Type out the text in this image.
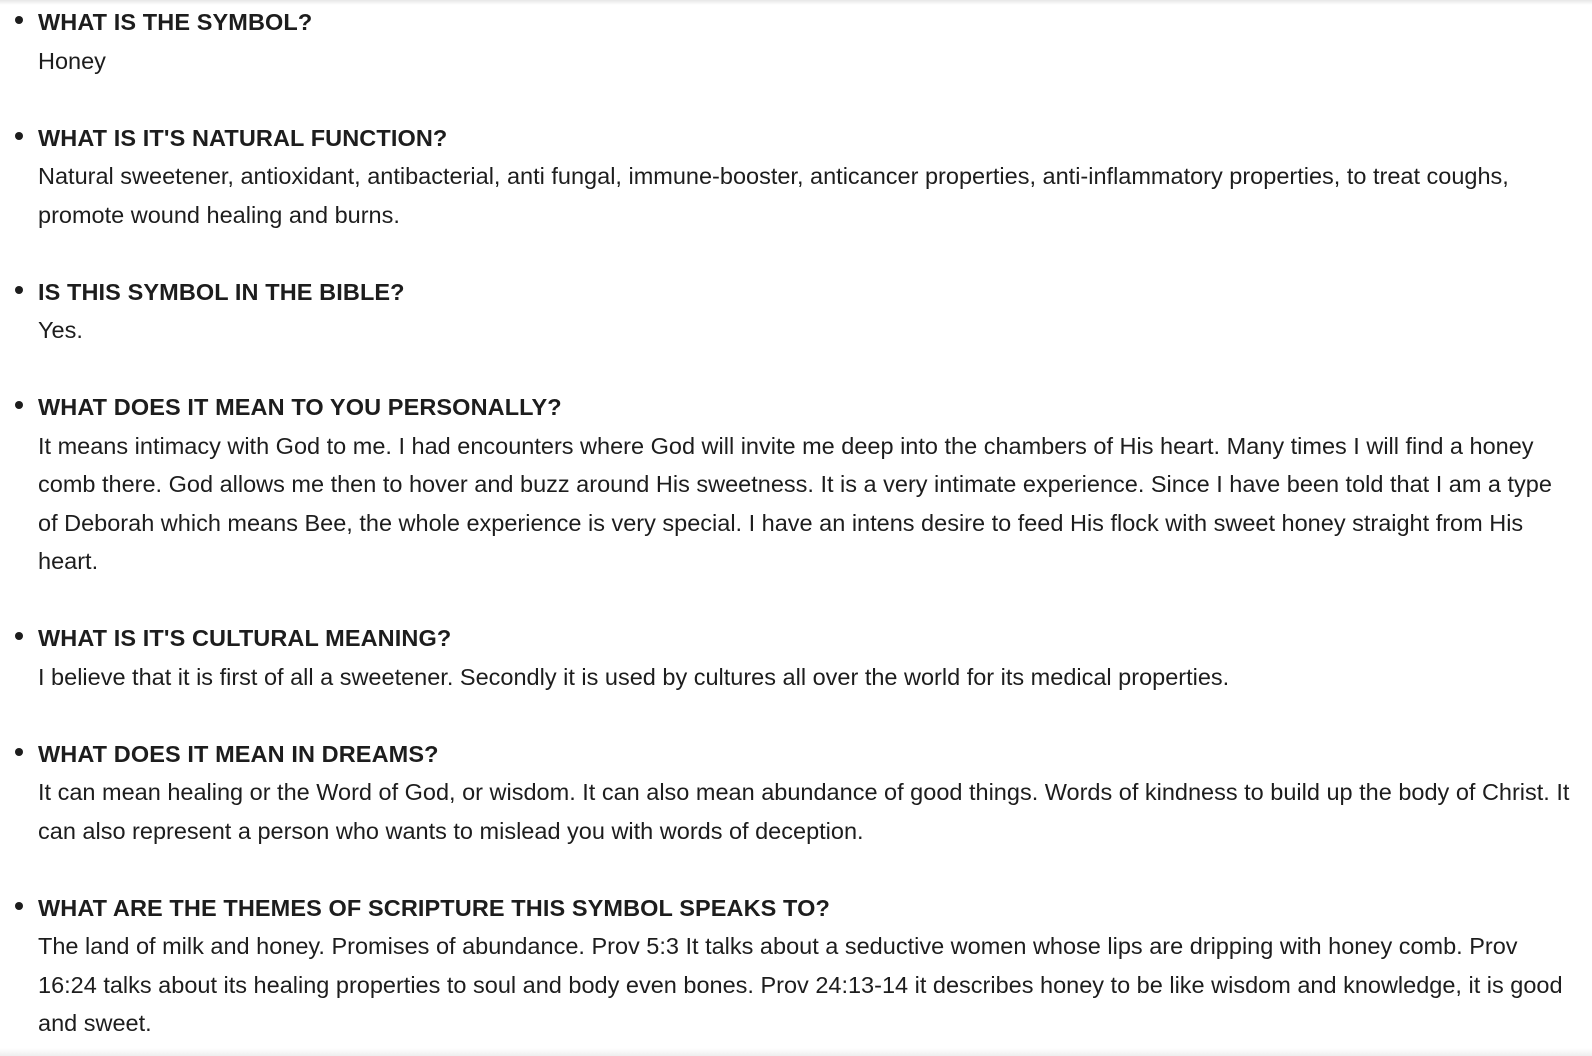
WHAT IS THE SYMBOL?
Honey
WHAT IS IT'S NATURAL FUNCTION?
Natural sweetener, antioxidant, antibacterial, anti fungal, immune-booster, anticancer properties, anti-inflammatory properties, to treat coughs, promote wound healing and burns.
IS THIS SYMBOL IN THE BIBLE?
Yes.
WHAT DOES IT MEAN TO YOU PERSONALLY?
It means intimacy with God to me. I had encounters where God will invite me deep into the chambers of His heart. Many times I will find a honey comb there. God allows me then to hover and buzz around His sweetness. It is a very intimate experience. Since I have been told that I am a type of Deborah which means Bee, the whole experience is very special. I have an intens desire to feed His flock with sweet honey straight from His heart.
WHAT IS IT'S CULTURAL MEANING?
I believe that it is first of all a sweetener. Secondly it is used by cultures all over the world for its medical properties.
WHAT DOES IT MEAN IN DREAMS?
It can mean healing or the Word of God, or wisdom. It can also mean abundance of good things. Words of kindness to build up the body of Christ. It can also represent a person who wants to mislead you with words of deception.
WHAT ARE THE THEMES OF SCRIPTURE THIS SYMBOL SPEAKS TO?
The land of milk and honey. Promises of abundance. Prov 5:3 It talks about a seductive women whose lips are dripping with honey comb. Prov 16:24 talks about its healing properties to soul and body even bones. Prov 24:13-14 it describes honey to be like wisdom and knowledge, it is good and sweet.
